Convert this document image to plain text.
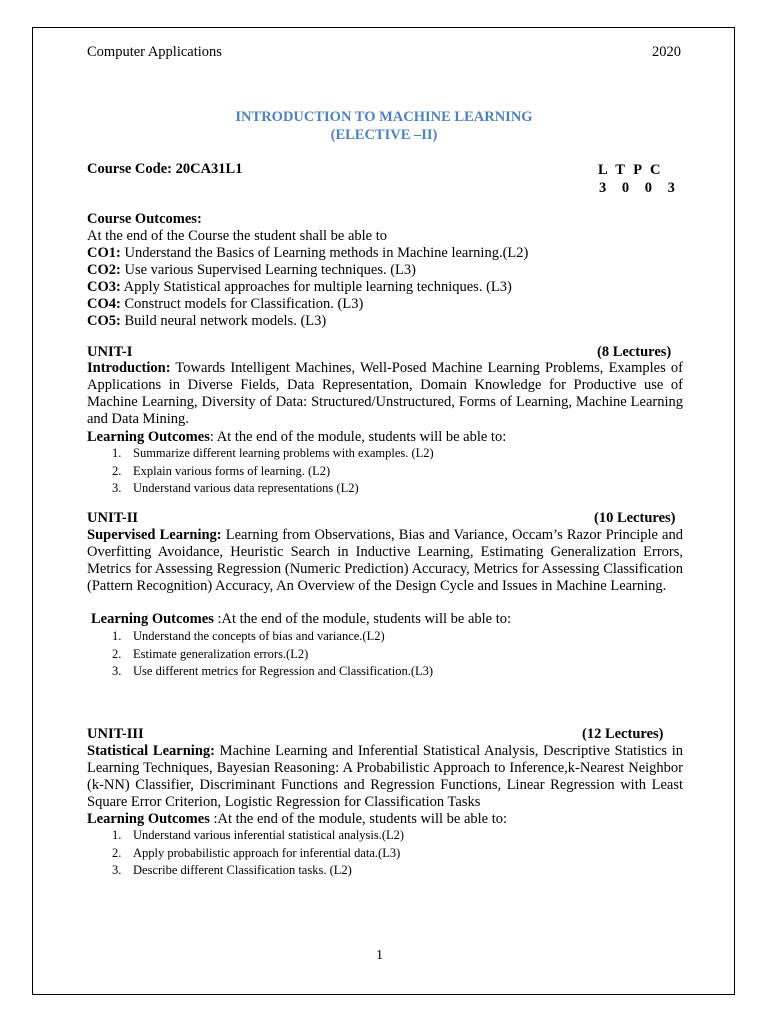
Computer Applications	2020
INTRODUCTION TO MACHINE LEARNING
(ELECTIVE –II)
Course Code: 20CA31L1	L T P C
3 0 0 3
Course Outcomes:
At the end of the Course the student shall be able to
CO1: Understand the Basics of Learning methods in Machine learning.(L2)
CO2: Use various Supervised Learning techniques. (L3)
CO3: Apply Statistical approaches for multiple learning techniques. (L3)
CO4: Construct models for Classification. (L3)
CO5: Build neural network models. (L3)
UNIT-I	(8 Lectures)
Introduction: Towards Intelligent Machines, Well-Posed Machine Learning Problems, Examples of Applications in Diverse Fields, Data Representation, Domain Knowledge for Productive use of Machine Learning, Diversity of Data: Structured/Unstructured, Forms of Learning, Machine Learning and Data Mining.
Learning Outcomes: At the end of the module, students will be able to:
1. Summarize different learning problems with examples. (L2)
2. Explain various forms of learning. (L2)
3. Understand various data representations (L2)
UNIT-II	(10 Lectures)
Supervised Learning: Learning from Observations, Bias and Variance, Occam’s Razor Principle and Overfitting Avoidance, Heuristic Search in Inductive Learning, Estimating Generalization Errors, Metrics for Assessing Regression (Numeric Prediction) Accuracy, Metrics for Assessing Classification (Pattern Recognition) Accuracy, An Overview of the Design Cycle and Issues in Machine Learning.
Learning Outcomes :At the end of the module, students will be able to:
1. Understand the concepts of bias and variance.(L2)
2. Estimate generalization errors.(L2)
3. Use different metrics for Regression and Classification.(L3)
UNIT-III	(12 Lectures)
Statistical Learning: Machine Learning and Inferential Statistical Analysis, Descriptive Statistics in Learning Techniques, Bayesian Reasoning: A Probabilistic Approach to Inference,k-Nearest Neighbor (k-NN) Classifier, Discriminant Functions and Regression Functions, Linear Regression with Least Square Error Criterion, Logistic Regression for Classification Tasks
Learning Outcomes :At the end of the module, students will be able to:
1. Understand various inferential statistical analysis.(L2)
2. Apply probabilistic approach for inferential data.(L3)
3. Describe different Classification tasks. (L2)
1
